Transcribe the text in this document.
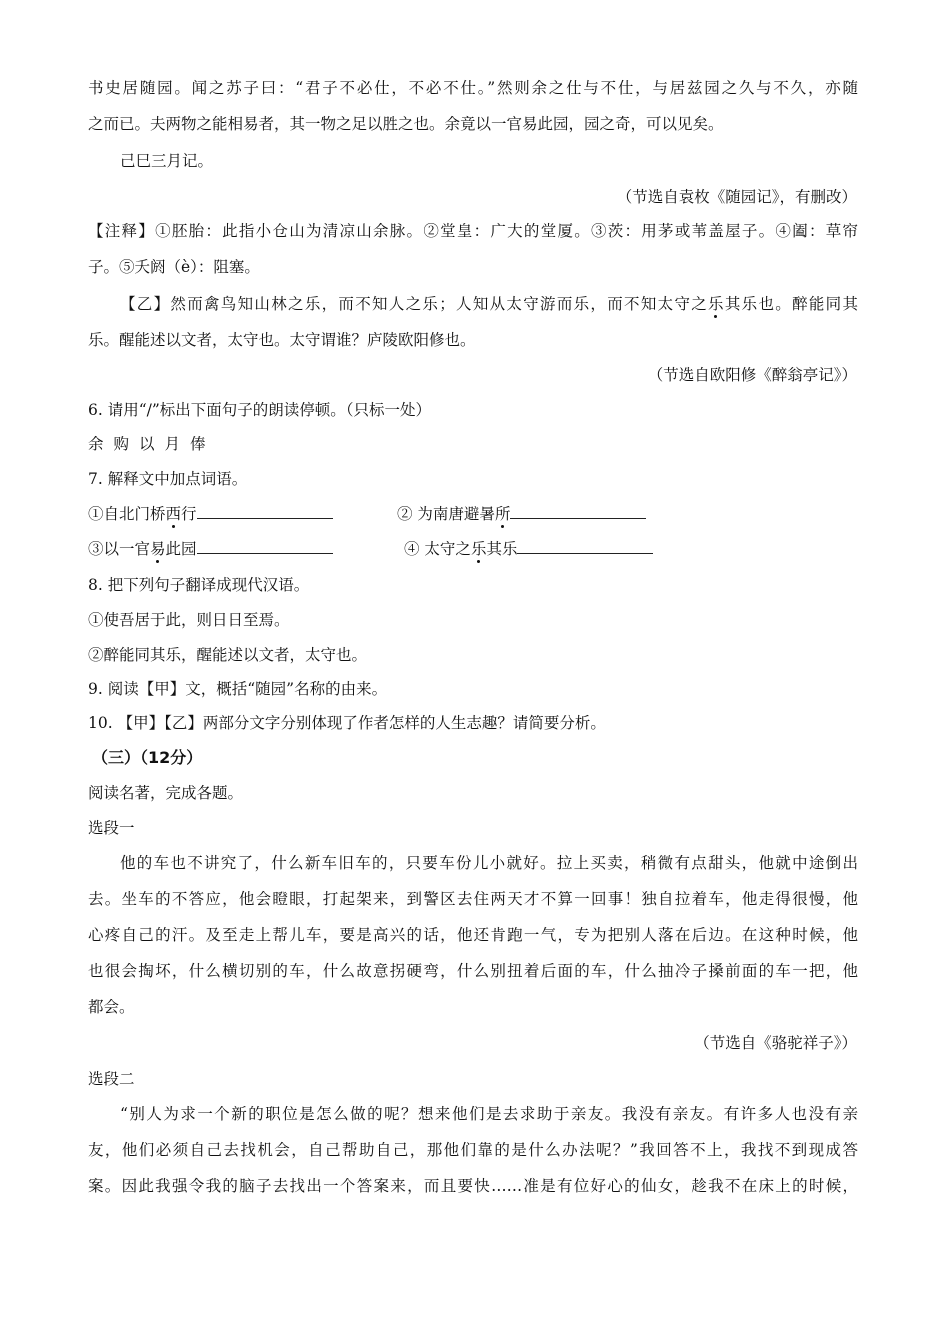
书史居随园。闻之苏子曰：“君子不必仕，不必不仕。”然则余之仕与不仕，与居兹园之久与不久，亦随
之而已。夫两物之能相易者，其一物之足以胜之也。余竟以一官易此园，园之奇，可以见矣。
己巳三月记。
（节选自袁枚《随园记》，有删改）
【注释】①胚胎：此指小仓山为清凉山余脉。②堂皇：广大的堂厦。③茨：用茅或苇盖屋子。④阖：草帘
子。⑤夭阏（è）：阻塞。
【乙】然而禽鸟知山林之乐，而不知人之乐；人知从太守游而乐，而不知太守之乐其乐也。醉能同其
乐。醒能述以文者，太守也。太守谓谁？庐陵欧阳修也。
（节选自欧阳修《醉翁亭记》）
6. 请用“/”标出下面句子的朗读停顿。（只标一处）
余购以月俸
7. 解释文中加点词语。
①自北门桥西行	② 为南唐避暑所
③以一官易此园	④ 太守之乐其乐
8. 把下列句子翻译成现代汉语。
①使吾居于此，则日日至焉。
②醉能同其乐，醒能述以文者，太守也。
9. 阅读【甲】文，概括“随园”名称的由来。
10. 【甲】【乙】两部分文字分别体现了作者怎样的人生志趣？请简要分析。
（三）（12分）
阅读名著，完成各题。
选段一
他的车也不讲究了，什么新车旧车的，只要车份儿小就好。拉上买卖，稍微有点甜头，他就中途倒出
去。坐车的不答应，他会瞪眼，打起架来，到警区去住两天才不算一回事！独自拉着车，他走得很慢，他
心疼自己的汗。及至走上帮儿车，要是高兴的话，他还肯跑一气，专为把别人落在后边。在这种时候，他
也很会掏坏，什么横切别的车，什么故意拐硬弯，什么别扭着后面的车，什么抽冷子搡前面的车一把，他
都会。
（节选自《骆驼祥子》）
选段二
“别人为求一个新的职位是怎么做的呢？想来他们是去求助于亲友。我没有亲友。有许多人也没有亲
友，他们必须自己去找机会，自己帮助自己，那他们靠的是什么办法呢？”我回答不上，我找不到现成答
案。因此我强令我的脑子去找出一个答案来，而且要快……准是有位好心的仙女，趁我不在床上的时候，
